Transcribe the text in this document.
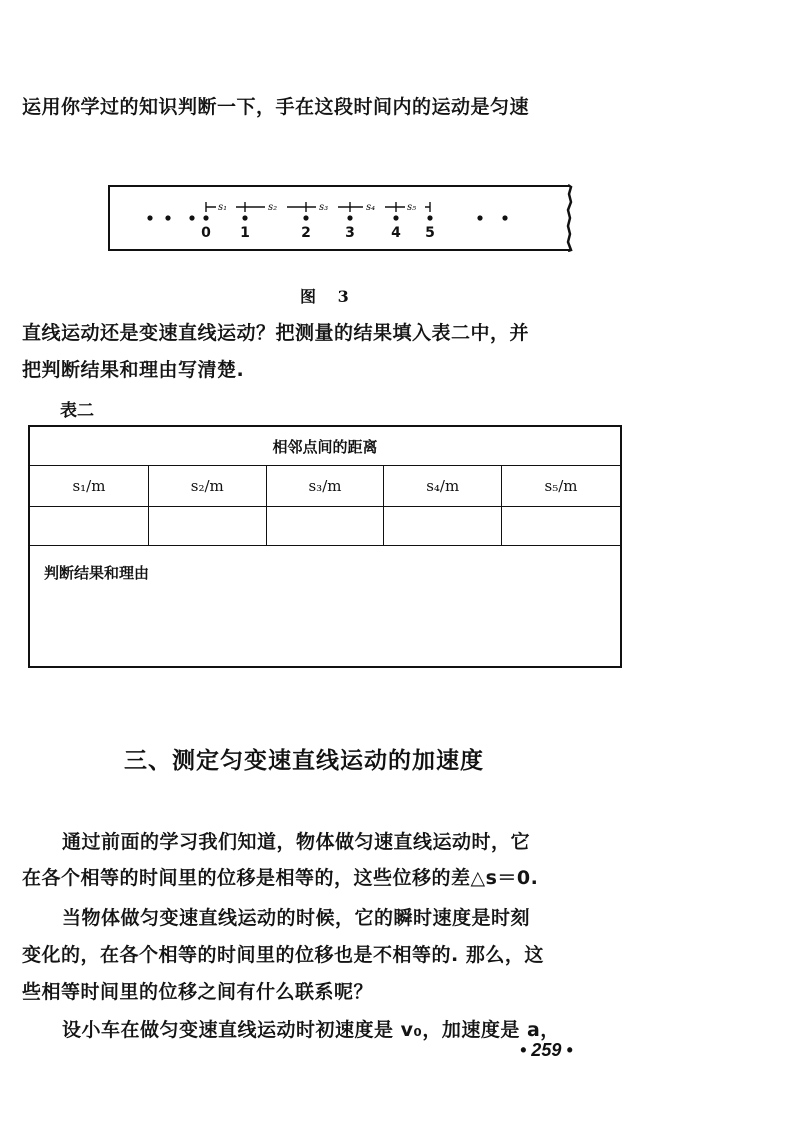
运用你学过的知识判断一下，手在这段时间内的运动是匀速
s₁	s₂	s₃	s₄	s₅
0 1	2 3	4 5
图 3
直线运动还是变速直线运动？把测量的结果填入表二中，并
把判断结果和理由写清楚.
表二
相邻点间的距离				
s₁/m	s₂/m	s₃/m	s₄/m	s₅/m

判断结果和理由				
三、测定匀变速直线运动的加速度
通过前面的学习我们知道，物体做匀速直线运动时，它
在各个相等的时间里的位移是相等的，这些位移的差△s＝0.
当物体做匀变速直线运动的时候，它的瞬时速度是时刻
变化的，在各个相等的时间里的位移也是不相等的. 那么，这
些相等时间里的位移之间有什么联系呢？
设小车在做匀变速直线运动时初速度是 v₀，加速度是 a，
• 259 •
